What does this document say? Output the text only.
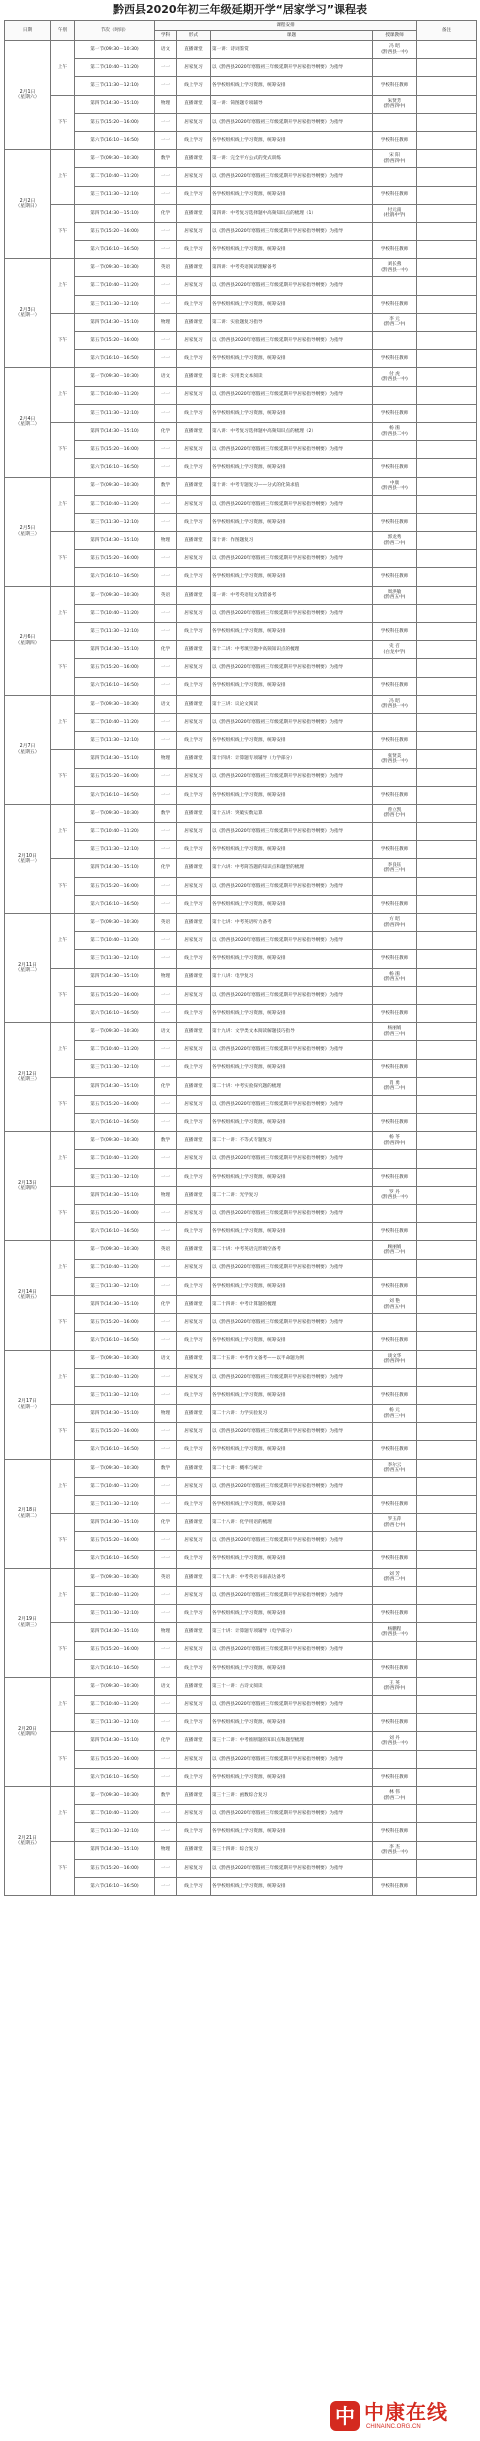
黔西县2020年初三年级延期开学“居家学习”课程表
日期	午别	节次（时间）	课程安排				备注
			学科	形式	课题	授课教师	
2月1日
（星期六）	上午	第一节(09:30－10:30)	语文	直播课堂	第一讲：诗词鉴赏	冯 昭
(黔西县一中)	
		第二节(10:40－11:20)	一一	居家复习	以《黔西县2020年寒假初三年级延期开学居家指导纲要》为指导		
		第三节(11:30－12:10)	一一	线上学习	各学校组织线上学习资源，统筹安排	学校科任教师	
	下午	第四节(14:30－15:10)	物理	直播课堂	第一讲：简图题专项辅导	朱贤芳
(黔西四中)	
		第五节(15:20－16:00)	一一	居家复习	以《黔西县2020年寒假初三年级延期开学居家指导纲要》为指导		
		第六节(16:10－16:50)	一一	线上学习	各学校组织线上学习资源，统筹安排	学校科任教师	
2月2日
（星期日）	上午	第一节(09:30－10:30)	数学	直播课堂	第一讲：完全平方公式的变式训练	宋 阳
(黔西四中)	
		第二节(10:40－11:20)	一一	居家复习	以《黔西县2020年寒假初三年级延期开学居家指导纲要》为指导		
		第三节(11:30－12:10)	一一	线上学习	各学校组织线上学习资源，统筹安排	学校科任教师	
	下午	第四节(14:30－15:10)	化学	直播课堂	第四讲：中考复习选择题中高频知识点的梳理（1）	付元南
(杜鹃中学)	
		第五节(15:20－16:00)	一一	居家复习	以《黔西县2020年寒假初三年级延期开学居家指导纲要》为指导		
		第六节(16:10－16:50)	一一	线上学习	各学校组织线上学习资源，统筹安排	学校科任教师	
2月3日
（星期一）	上午	第一节(09:30－10:30)	英语	直播课堂	第四讲：中考英语阅读理解备考	刘长燕
(黔西县一中)	
		第二节(10:40－11:20)	一一	居家复习	以《黔西县2020年寒假初三年级延期开学居家指导纲要》为指导		
		第三节(11:30－12:10)	一一	线上学习	各学校组织线上学习资源，统筹安排	学校科任教师	
	下午	第四节(14:30－15:10)	物理	直播课堂	第二讲：实验题复习指导	李 元
(黔西二中)	
		第五节(15:20－16:00)	一一	居家复习	以《黔西县2020年寒假初三年级延期开学居家指导纲要》为指导		
		第六节(16:10－16:50)	一一	线上学习	各学校组织线上学习资源，统筹安排	学校科任教师	
2月4日
（星期二）	上午	第一节(09:30－10:30)	语文	直播课堂	第七讲：实用类文本阅读	付 虎
(黔西县一中)	
		第二节(10:40－11:20)	一一	居家复习	以《黔西县2020年寒假初三年级延期开学居家指导纲要》为指导		
		第三节(11:30－12:10)	一一	线上学习	各学校组织线上学习资源，统筹安排	学校科任教师	
	下午	第四节(14:30－15:10)	化学	直播课堂	第八讲：中考复习选择题中高频知识点的梳理（2）	杨 鹃
(黔西县二中)	
		第五节(15:20－16:00)	一一	居家复习	以《黔西县2020年寒假初三年级延期开学居家指导纲要》为指导		
		第六节(16:10－16:50)	一一	线上学习	各学校组织线上学习资源，统筹安排	学校科任教师	
2月5日
（星期三）	上午	第一节(09:30－10:30)	数学	直播课堂	第十讲：中考专题复习——分式的化简求值	中康
(黔西县一中)	
		第二节(10:40－11:20)	一一	居家复习	以《黔西县2020年寒假初三年级延期开学居家指导纲要》为指导		
		第三节(11:30－12:10)	一一	线上学习	各学校组织线上学习资源，统筹安排	学校科任教师	
	下午	第四节(14:30－15:10)	物理	直播课堂	第十讲：作图题复习	郭龙秀
(黔西二中)	
		第五节(15:20－16:00)	一一	居家复习	以《黔西县2020年寒假初三年级延期开学居家指导纲要》为指导		
		第六节(16:10－16:50)	一一	线上学习	各学校组织线上学习资源，统筹安排	学校科任教师	
2月6日
（星期四）	上午	第一节(09:30－10:30)	英语	直播课堂	第一讲：中考英语短文改错备考	周洪敏
(黔西五中)	
		第二节(10:40－11:20)	一一	居家复习	以《黔西县2020年寒假初三年级延期开学居家指导纲要》为指导		
		第三节(11:30－12:10)	一一	线上学习	各学校组织线上学习资源，统筹安排	学校科任教师	
	下午	第四节(14:30－15:10)	化学	直播课堂	第十二讲：中考填空题中高频知识点的梳理	史 召
(白龙中学)	
		第五节(15:20－16:00)	一一	居家复习	以《黔西县2020年寒假初三年级延期开学居家指导纲要》为指导		
		第六节(16:10－16:50)	一一	线上学习	各学校组织线上学习资源，统筹安排	学校科任教师	
2月7日
（星期五）	上午	第一节(09:30－10:30)	语文	直播课堂	第十三讲：议论文阅读	冯 昭
(黔西县一中)	
		第二节(10:40－11:20)	一一	居家复习	以《黔西县2020年寒假初三年级延期开学居家指导纲要》为指导		
		第三节(11:30－12:10)	一一	线上学习	各学校组织线上学习资源，统筹安排	学校科任教师	
	下午	第四节(14:30－15:10)	物理	直播课堂	第十四讲：计算题专项辅导（力学部分）	张贤美
(黔西县一中)	
		第五节(15:20－16:00)	一一	居家复习	以《黔西县2020年寒假初三年级延期开学居家指导纲要》为指导		
		第六节(16:10－16:50)	一一	线上学习	各学校组织线上学习资源，统筹安排	学校科任教师	
2月10日
（星期一）	上午	第一节(09:30－10:30)	数学	直播课堂	第十五讲：突破实数运算	曾立凯
(黔西七中)	
		第二节(10:40－11:20)	一一	居家复习	以《黔西县2020年寒假初三年级延期开学居家指导纲要》为指导		
		第三节(11:30－12:10)	一一	线上学习	各学校组织线上学习资源，统筹安排	学校科任教师	
	下午	第四节(14:30－15:10)	化学	直播课堂	第十六讲：中考简答题的知识点和题型的梳理	李良钰
(黔西三中)	
		第五节(15:20－16:00)	一一	居家复习	以《黔西县2020年寒假初三年级延期开学居家指导纲要》为指导		
		第六节(16:10－16:50)	一一	线上学习	各学校组织线上学习资源，统筹安排	学校科任教师	
2月11日
（星期二）	上午	第一节(09:30－10:30)	英语	直播课堂	第十七讲：中考英语听力备考	方 昭
(黔西四中)	
		第二节(10:40－11:20)	一一	居家复习	以《黔西县2020年寒假初三年级延期开学居家指导纲要》为指导		
		第三节(11:30－12:10)	一一	线上学习	各学校组织线上学习资源，统筹安排	学校科任教师	
	下午	第四节(14:30－15:10)	物理	直播课堂	第十八讲：电学复习	杨 鹃
(黔西五中)	
		第五节(15:20－16:00)	一一	居家复习	以《黔西县2020年寒假初三年级延期开学居家指导纲要》为指导		
		第六节(16:10－16:50)	一一	线上学习	各学校组织线上学习资源，统筹安排	学校科任教师	
2月12日
（星期三）	上午	第一节(09:30－10:30)	语文	直播课堂	第十九讲：文学类文本阅读解题技巧指导	杨丽娟
(黔西三中)	
		第二节(10:40－11:20)	一一	居家复习	以《黔西县2020年寒假初三年级延期开学居家指导纲要》为指导		
		第三节(11:30－12:10)	一一	线上学习	各学校组织线上学习资源，统筹安排	学校科任教师	
	下午	第四节(14:30－15:10)	化学	直播课堂	第二十讲：中考实验探究题的梳理	肖 勇
(黔西二中)	
		第五节(15:20－16:00)	一一	居家复习	以《黔西县2020年寒假初三年级延期开学居家指导纲要》为指导		
		第六节(16:10－16:50)	一一	线上学习	各学校组织线上学习资源，统筹安排	学校科任教师	
2月13日
（星期四）	上午	第一节(09:30－10:30)	数学	直播课堂	第二十一讲：不等式专题复习	杨 苓
(黔西四中)	
		第二节(10:40－11:20)	一一	居家复习	以《黔西县2020年寒假初三年级延期开学居家指导纲要》为指导		
		第三节(11:30－12:10)	一一	线上学习	各学校组织线上学习资源，统筹安排	学校科任教师	
	下午	第四节(14:30－15:10)	物理	直播课堂	第二十二讲：光学复习	罗 丹
(黔西县一中)	
		第五节(15:20－16:00)	一一	居家复习	以《黔西县2020年寒假初三年级延期开学居家指导纲要》为指导		
		第六节(16:10－16:50)	一一	线上学习	各学校组织线上学习资源，统筹安排	学校科任教师	
2月14日
（星期五）	上午	第一节(09:30－10:30)	英语	直播课堂	第二十讲：中考英语完形填空备考	顾丽娟
(黔西二中)	
		第二节(10:40－11:20)	一一	居家复习	以《黔西县2020年寒假初三年级延期开学居家指导纲要》为指导		
		第三节(11:30－12:10)	一一	线上学习	各学校组织线上学习资源，统筹安排	学校科任教师	
	下午	第四节(14:30－15:10)	化学	直播课堂	第二十四讲：中考计算题的梳理	刘 艳
(黔西五中)	
		第五节(15:20－16:00)	一一	居家复习	以《黔西县2020年寒假初三年级延期开学居家指导纲要》为指导		
		第六节(16:10－16:50)	一一	线上学习	各学校组织线上学习资源，统筹安排	学校科任教师	
2月17日
（星期一）	上午	第一节(09:30－10:30)	语文	直播课堂	第二十五讲：中考作文备考——以半命题为例	谈文华
(黔西四中)	
		第二节(10:40－11:20)	一一	居家复习	以《黔西县2020年寒假初三年级延期开学居家指导纲要》为指导		
		第三节(11:30－12:10)	一一	线上学习	各学校组织线上学习资源，统筹安排	学校科任教师	
	下午	第四节(14:30－15:10)	物理	直播课堂	第二十六讲：力学实验复习	杨 元
(黔西三中)	
		第五节(15:20－16:00)	一一	居家复习	以《黔西县2020年寒假初三年级延期开学居家指导纲要》为指导		
		第六节(16:10－16:50)	一一	线上学习	各学校组织线上学习资源，统筹安排	学校科任教师	
2月18日
（星期二）	上午	第一节(09:30－10:30)	数学	直播课堂	第二十七讲：概率与统计	李尔云
(黔西五中)	
		第二节(10:40－11:20)	一一	居家复习	以《黔西县2020年寒假初三年级延期开学居家指导纲要》为指导		
		第三节(11:30－12:10)	一一	线上学习	各学校组织线上学习资源，统筹安排	学校科任教师	
	下午	第四节(14:30－15:10)	化学	直播课堂	第二十八讲：化学用语的梳理	罗玉萍
(黔西七中)	
		第五节(15:20－16:00)	一一	居家复习	以《黔西县2020年寒假初三年级延期开学居家指导纲要》为指导		
		第六节(16:10－16:50)	一一	线上学习	各学校组织线上学习资源，统筹安排	学校科任教师	
2月19日
（星期三）	上午	第一节(09:30－10:30)	英语	直播课堂	第二十九讲：中考英语书面表达备考	刘 芳
(黔西二中)	
		第二节(10:40－11:20)	一一	居家复习	以《黔西县2020年寒假初三年级延期开学居家指导纲要》为指导		
		第三节(11:30－12:10)	一一	线上学习	各学校组织线上学习资源，统筹安排	学校科任教师	
	下午	第四节(14:30－15:10)	物理	直播课堂	第三十讲：计算题专项辅导（电学部分）	杨鹏程
(黔西县一中)	
		第五节(15:20－16:00)	一一	居家复习	以《黔西县2020年寒假初三年级延期开学居家指导纲要》为指导		
		第六节(16:10－16:50)	一一	线上学习	各学校组织线上学习资源，统筹安排	学校科任教师	
2月20日
（星期四）	上午	第一节(09:30－10:30)	语文	直播课堂	第三十一讲：古诗文阅读	王 英
(黔西四中)	
		第二节(10:40－11:20)	一一	居家复习	以《黔西县2020年寒假初三年级延期开学居家指导纲要》为指导		
		第三节(11:30－12:10)	一一	线上学习	各学校组织线上学习资源，统筹安排	学校科任教师	
	下午	第四节(14:30－15:10)	化学	直播课堂	第三十二讲：中考推断题的知识点和题型梳理	刘 丹
(黔西县一中)	
		第五节(15:20－16:00)	一一	居家复习	以《黔西县2020年寒假初三年级延期开学居家指导纲要》为指导		
		第六节(16:10－16:50)	一一	线上学习	各学校组织线上学习资源，统筹安排	学校科任教师	
2月21日
（星期五）	上午	第一节(09:30－10:30)	数学	直播课堂	第三十三讲：函数综合复习	林 伟
(黔西二中)	
		第二节(10:40－11:20)	一一	居家复习	以《黔西县2020年寒假初三年级延期开学居家指导纲要》为指导		
		第三节(11:30－12:10)	一一	线上学习	各学校组织线上学习资源，统筹安排	学校科任教师	
	下午	第四节(14:30－15:10)	物理	直播课堂	第三十四讲：综合复习	李 杰
(黔西县一中)	
		第五节(15:20－16:00)	一一	居家复习	以《黔西县2020年寒假初三年级延期开学居家指导纲要》为指导		
		第六节(16:10－16:50)	一一	线上学习	各学校组织线上学习资源，统筹安排	学校科任教师	
中 中康在线
CHINAINC.ORG.CN
